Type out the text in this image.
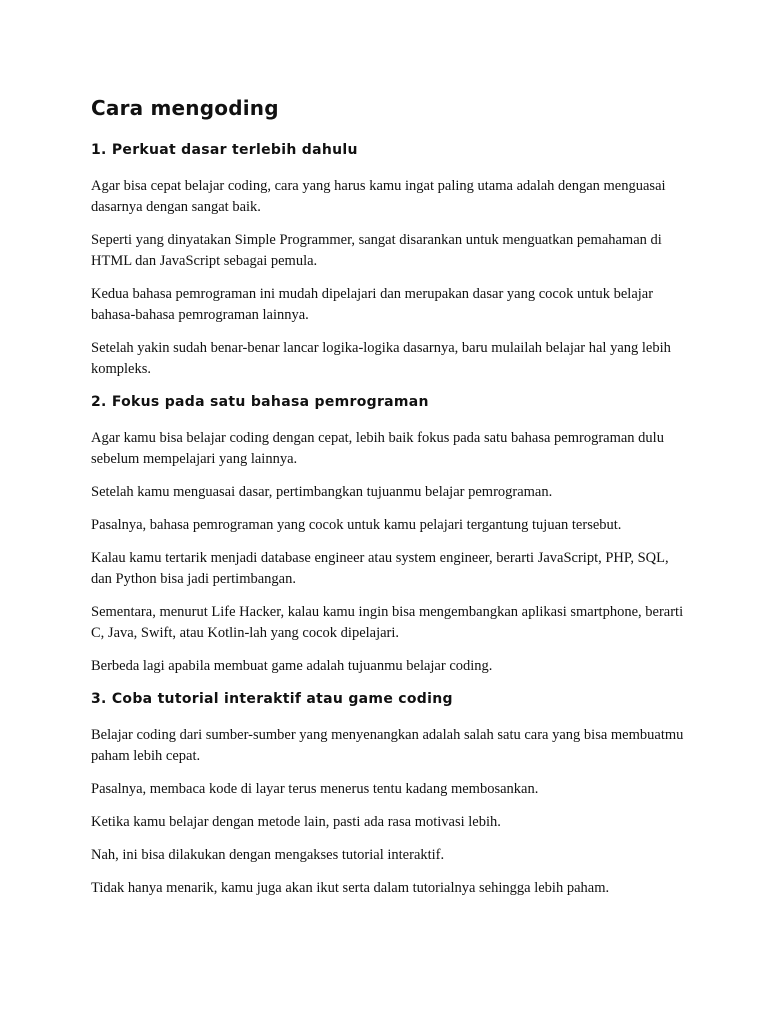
Cara mengoding
1. Perkuat dasar terlebih dahulu

Agar bisa cepat belajar coding, cara yang harus kamu ingat paling utama adalah dengan menguasai dasarnya dengan sangat baik.

Seperti yang dinyatakan Simple Programmer, sangat disarankan untuk menguatkan pemahaman di HTML dan JavaScript sebagai pemula.

Kedua bahasa pemrograman ini mudah dipelajari dan merupakan dasar yang cocok untuk belajar bahasa-bahasa pemrograman lainnya.

Setelah yakin sudah benar-benar lancar logika-logika dasarnya, baru mulailah belajar hal yang lebih kompleks.

2. Fokus pada satu bahasa pemrograman

Agar kamu bisa belajar coding dengan cepat, lebih baik fokus pada satu bahasa pemrograman dulu sebelum mempelajari yang lainnya.

Setelah kamu menguasai dasar, pertimbangkan tujuanmu belajar pemrograman.

Pasalnya, bahasa pemrograman yang cocok untuk kamu pelajari tergantung tujuan tersebut.

Kalau kamu tertarik menjadi database engineer atau system engineer, berarti JavaScript, PHP, SQL, dan Python bisa jadi pertimbangan.

Sementara, menurut Life Hacker, kalau kamu ingin bisa mengembangkan aplikasi smartphone, berarti C, Java, Swift, atau Kotlin-lah yang cocok dipelajari.

Berbeda lagi apabila membuat game adalah tujuanmu belajar coding.

3. Coba tutorial interaktif atau game coding

Belajar coding dari sumber-sumber yang menyenangkan adalah salah satu cara yang bisa membuatmu paham lebih cepat.

Pasalnya, membaca kode di layar terus menerus tentu kadang membosankan.

Ketika kamu belajar dengan metode lain, pasti ada rasa motivasi lebih.

Nah, ini bisa dilakukan dengan mengakses tutorial interaktif.

Tidak hanya menarik, kamu juga akan ikut serta dalam tutorialnya sehingga lebih paham.
